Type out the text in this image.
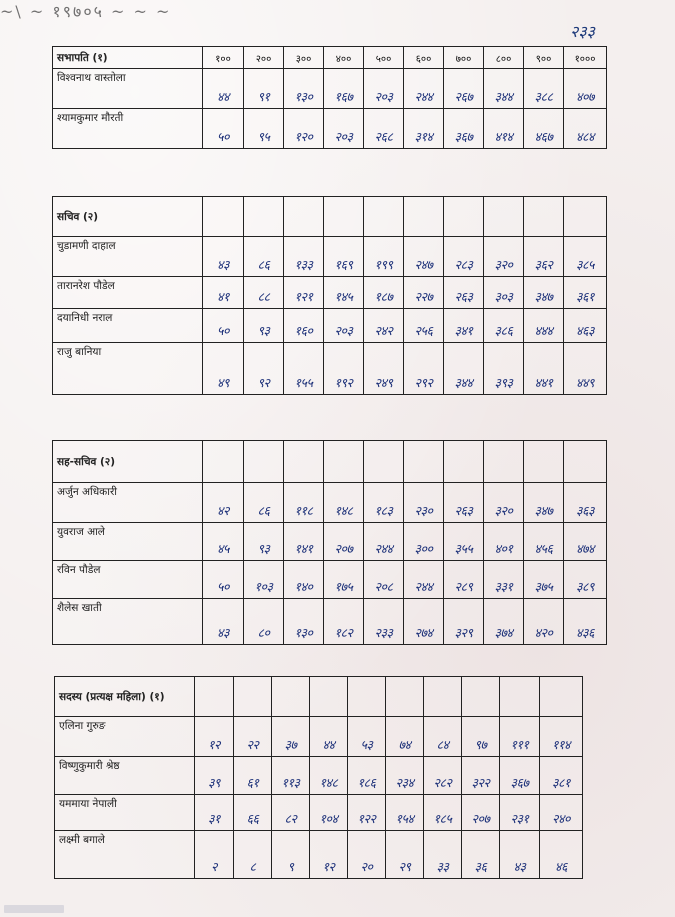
~\ ~ १९७०५ ~ ~ ~
२३३
सभापति (१)	१००	२००	३००	४००	५००	६००	७००	८००	९००	१०००
विश्वनाथ वास्तोला	४४	९१	१३०	१६७	२०३	२४४	२६७	३४४	३८८	४०७
श्यामकुमार मौरती	५०	९५	१२०	२०३	२६८	३१४	३६७	४१४	४६७	४८४
सचिव (२)										
चुडामणी दाहाल	४३	८६	१३३	१६९	१९९	२४७	२८३	३२०	३६२	३८५
तारानरेश पौडेल	४१	८८	१२१	१४५	१८७	२२७	२६३	३०३	३४७	३६१
दयानिधी नराल	५०	९३	१६०	२०३	२४२	२५६	३४१	३८६	४४४	४६३
राजु बानिया	४९	९२	१५५	१९२	२४९	२९२	३४४	३९३	४४१	४४९
सह-सचिव (२)										
अर्जुन अधिकारी	४२	८६	११८	१४८	१८३	२३०	२६३	३२०	३४७	३६३
युवराज आले	४५	९३	१४१	२०७	२४४	३००	३५५	४०१	४५६	४७४
रविन पौडेल	५०	१०३	१४०	१७५	२०८	२४४	२८९	३३१	३७५	३८९
शैलेस खाती	४३	८०	१३०	१८२	२३३	२७४	३२९	३७४	४२०	४३६
सदस्य (प्रत्यक्ष महिला) (१)										
एलिना गुरुङ	१२	२२	३७	४४	५३	७४	८४	९७	१११	११४
विष्णुकुमारी श्रेष्ठ	३९	६१	११३	१४८	१८६	२३४	२८२	३२२	३६७	३८१
यममाया नेपाली	३१	६६	८२	१०४	१२२	१५४	१८५	२०७	२३१	२४०
लक्ष्मी बगाले	२	८	९	१२	२०	२९	३३	३६	४३	४६
